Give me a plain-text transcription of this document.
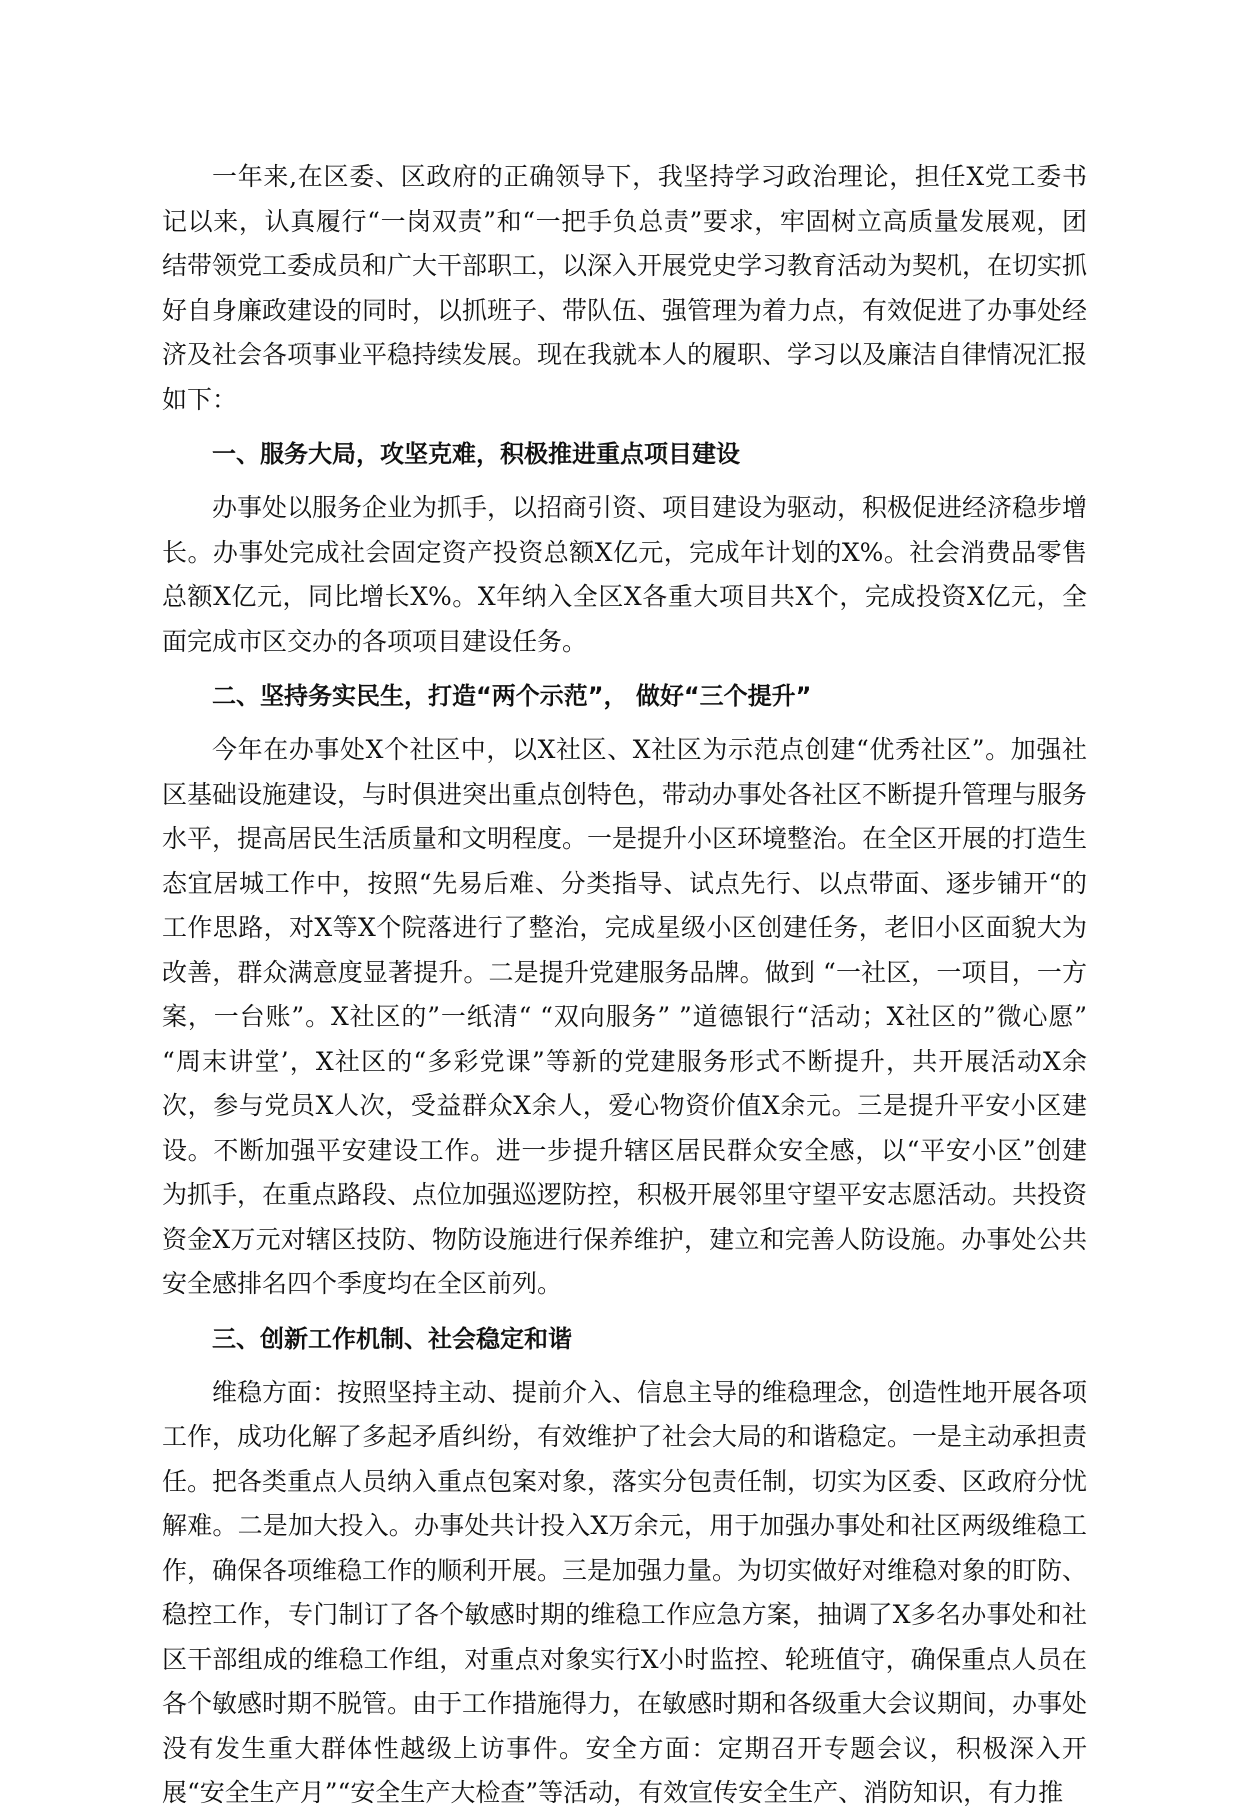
一年来,在区委、区政府的正确领导下，我坚持学习政治理论，担任X党工委书记以来，认真履行“一岗双责”和“一把手负总责”要求，牢固树立高质量发展观，团结带领党工委成员和广大干部职工，以深入开展党史学习教育活动为契机，在切实抓好自身廉政建设的同时，以抓班子、带队伍、强管理为着力点，有效促进了办事处经济及社会各项事业平稳持续发展。现在我就本人的履职、学习以及廉洁自律情况汇报如下：

一、服务大局，攻坚克难，积极推进重点项目建设

办事处以服务企业为抓手，以招商引资、项目建设为驱动，积极促进经济稳步增长。办事处完成社会固定资产投资总额X亿元，完成年计划的X%。社会消费品零售总额X亿元，同比增长X%。X年纳入全区X各重大项目共X个，完成投资X亿元，全面完成市区交办的各项项目建设任务。

二、坚持务实民生，打造“两个示范”， 做好“三个提升”

今年在办事处X个社区中，以X社区、X社区为示范点创建“优秀社区”。加强社区基础设施建设，与时俱进突出重点创特色，带动办事处各社区不断提升管理与服务水平，提高居民生活质量和文明程度。一是提升小区环境整治。在全区开展的打造生态宜居城工作中，按照“先易后难、分类指导、试点先行、以点带面、逐步铺开“的工作思路，对X等X个院落进行了整治，完成星级小区创建任务，老旧小区面貌大为改善，群众满意度显著提升。二是提升党建服务品牌。做到 “一社区，一项目，一方案，一台账”。X社区的”一纸清“ “双向服务” ”道德银行“活动；X社区的”微心愿” “周末讲堂’，X社区的“多彩党课”等新的党建服务形式不断提升，共开展活动X余次，参与党员X人次，受益群众X余人，爱心物资价值X余元。三是提升平安小区建设。不断加强平安建设工作。进一步提升辖区居民群众安全感，以“平安小区”创建为抓手，在重点路段、点位加强巡逻防控，积极开展邻里守望平安志愿活动。共投资资金X万元对辖区技防、物防设施进行保养维护，建立和完善人防设施。办事处公共安全感排名四个季度均在全区前列。

三、创新工作机制、社会稳定和谐

维稳方面：按照坚持主动、提前介入、信息主导的维稳理念，创造性地开展各项工作，成功化解了多起矛盾纠纷，有效维护了社会大局的和谐稳定。一是主动承担责任。把各类重点人员纳入重点包案对象，落实分包责任制，切实为区委、区政府分忧解难。二是加大投入。办事处共计投入X万余元，用于加强办事处和社区两级维稳工作，确保各项维稳工作的顺利开展。三是加强力量。为切实做好对维稳对象的盯防、稳控工作，专门制订了各个敏感时期的维稳工作应急方案，抽调了X多名办事处和社区干部组成的维稳工作组，对重点对象实行X小时监控、轮班值守，确保重点人员在各个敏感时期不脱管。由于工作措施得力，在敏感时期和各级重大会议期间，办事处没有发生重大群体性越级上访事件。安全方面：定期召开专题会议，积极深入开展“安全生产月”“安全生产大检查”等活动，有效宣传安全生产、消防知识，有力推
